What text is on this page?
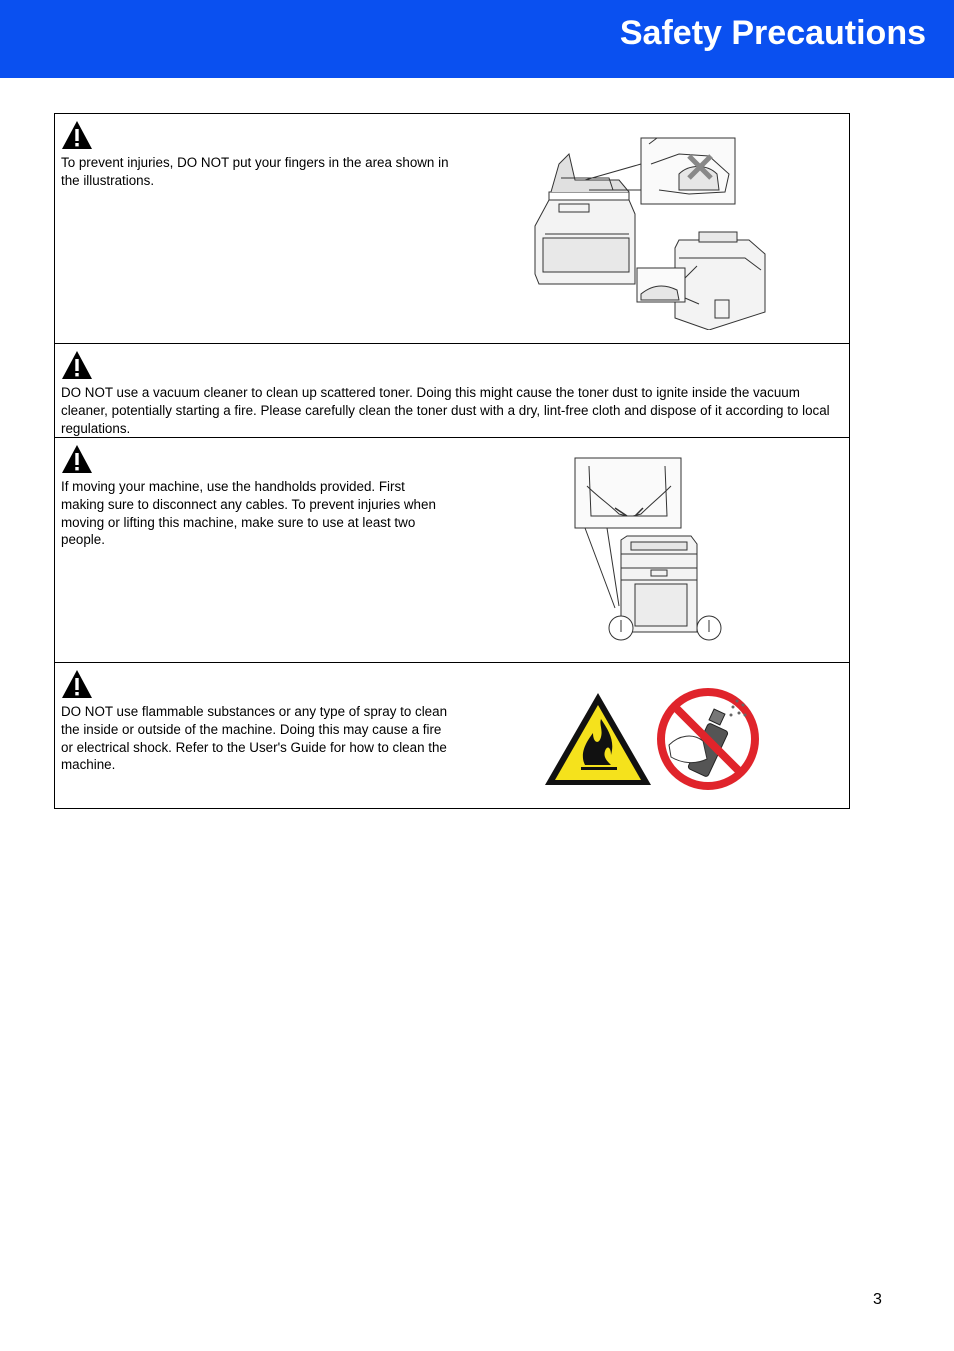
Safety Precautions
To prevent injuries, DO NOT put your fingers in the area shown in the illustrations.
DO NOT use a vacuum cleaner to clean up scattered toner. Doing this might cause the toner dust to ignite inside the vacuum cleaner, potentially starting a fire. Please carefully clean the toner dust with a dry, lint-free cloth and dispose of it according to local regulations.
If moving your machine, use the handholds provided. First making sure to disconnect any cables. To prevent injuries when moving or lifting this machine, make sure to use at least two people.
DO NOT use flammable substances or any type of spray to clean the inside or outside of the machine. Doing this may cause a fire or electrical shock. Refer to the User's Guide for how to clean the machine.
3
